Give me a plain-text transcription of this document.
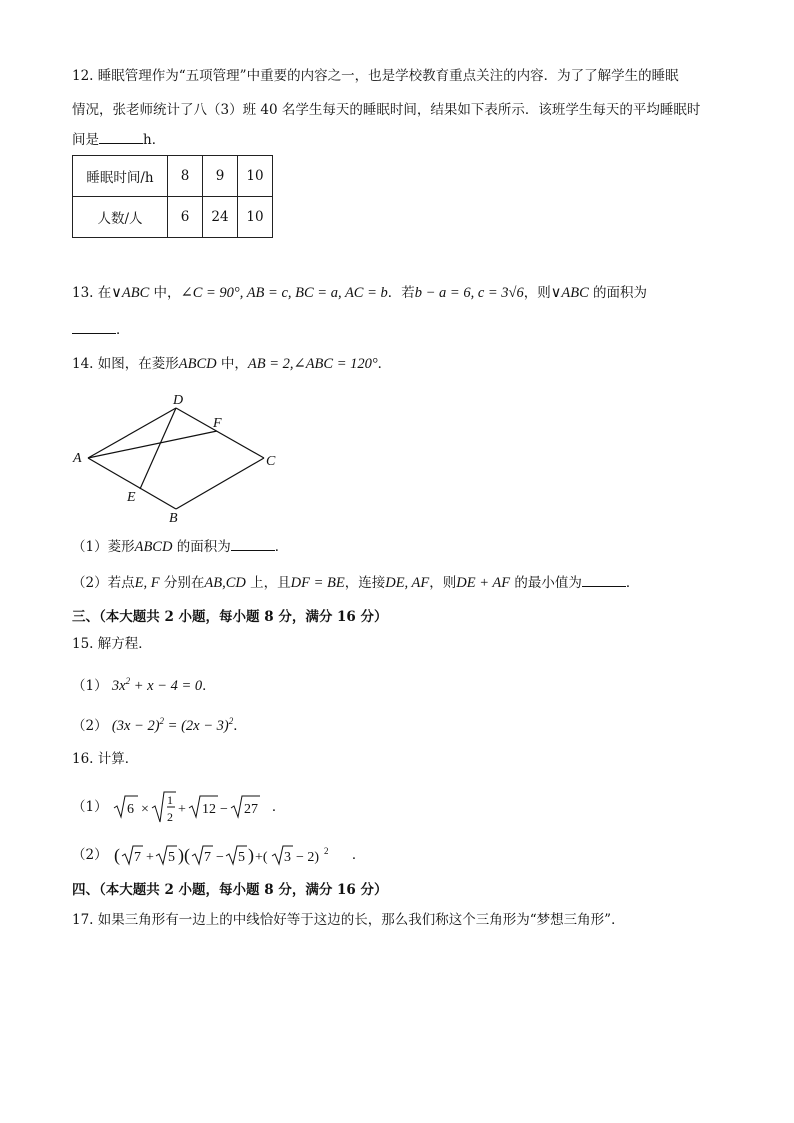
12. 睡眠管理作为“五项管理”中重要的内容之一，也是学校教育重点关注的内容．为了了解学生的睡眠
情况，张老师统计了八（3）班 40 名学生每天的睡眠时间，结果如下表所示．该班学生每天的平均睡眠时
间是	h．
睡眠时间/h	8	9	10
人数/人	6	24	10
13. 在∨ABC 中，∠C = 90°, AB = c, BC = a, AC = b．若b − a = 6, c = 3√6，则∨ABC 的面积为
．
14. 如图，在菱形ABCD 中，AB = 2,∠ABC = 120°．
D
F
A	C
E
B
（1）菱形ABCD 的面积为	．
（2）若点E, F 分别在AB,CD 上，且DF = BE，连接DE, AF，则DE + AF 的最小值为	．
三、（本大题共 2 小题，每小题 8 分，满分 16 分）
15. 解方程．
（1） $3x^2 + x - 4 = 0$．
（2） $(3x - 2)^2 = (2x - 3)^2$．
16. 计算．
（1） 6 ×
1
2 + 12 − 27 ．
（2） ( 7 + 5 )( 7 − 5 ) +( 3 − 2) 2 ．
四、（本大题共 2 小题，每小题 8 分，满分 16 分）
17. 如果三角形有一边上的中线恰好等于这边的长，那么我们称这个三角形为“梦想三角形”．
